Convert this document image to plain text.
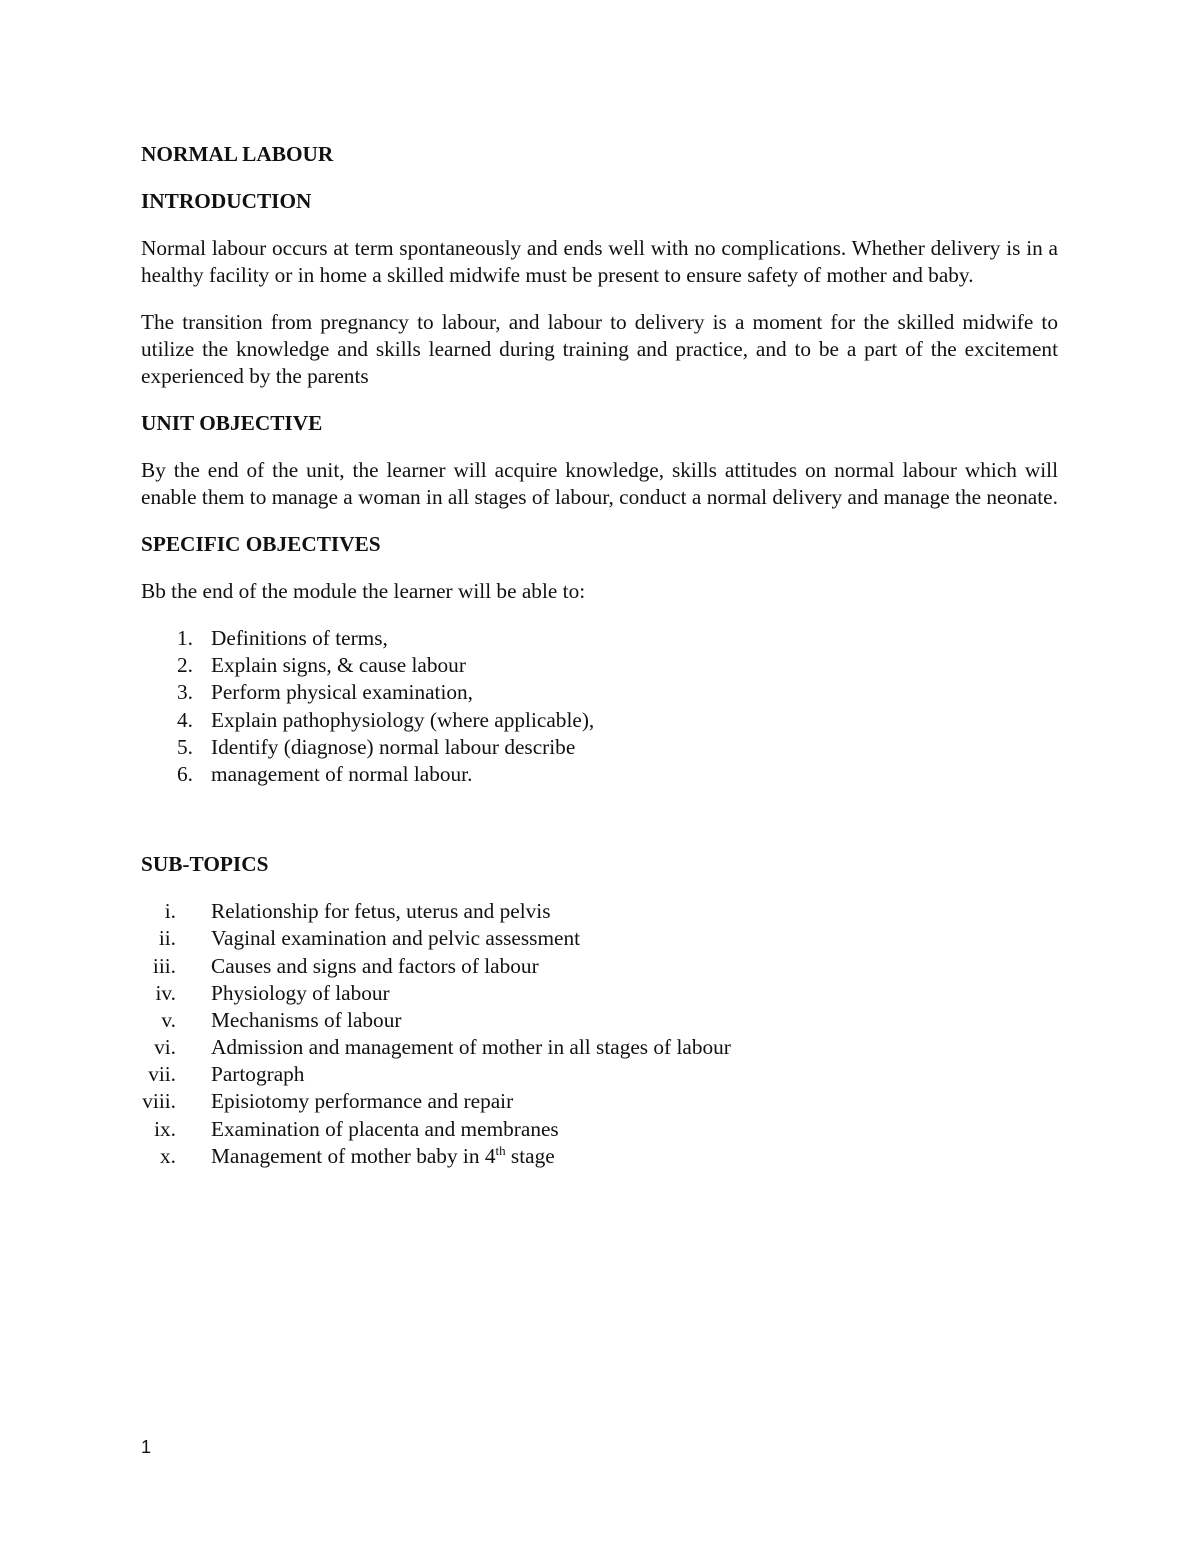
NORMAL LABOUR
INTRODUCTION

Normal labour occurs at term spontaneously and ends well with no complications. Whether delivery is in a healthy facility or in home a skilled midwife must be present to ensure safety of mother and baby.

The transition from pregnancy to labour, and labour to delivery is a moment for the skilled midwife to utilize the knowledge and skills learned during training and practice, and to be a part of the excitement experienced by the parents

UNIT OBJECTIVE

By the end of the unit, the learner will acquire knowledge, skills attitudes on normal labour which will enable them to manage a woman in all stages of labour, conduct a normal delivery and manage the neonate.

SPECIFIC OBJECTIVES

Bb the end of the module the learner will be able to:

1. Definitions of terms,
2. Explain signs, & cause labour
3. Perform physical examination,
4. Explain pathophysiology (where applicable),
5. Identify (diagnose) normal labour describe
6. management of normal labour.
SUB-TOPICS
i. Relationship for fetus, uterus and pelvis
ii. Vaginal examination and pelvic assessment
iii. Causes and signs and factors of labour
iv. Physiology of labour
v. Mechanisms of labour
vi. Admission and management of mother in all stages of labour
vii. Partograph
viii. Episiotomy performance and repair
ix. Examination of placenta and membranes
x. Management of mother baby in 4th stage
1
